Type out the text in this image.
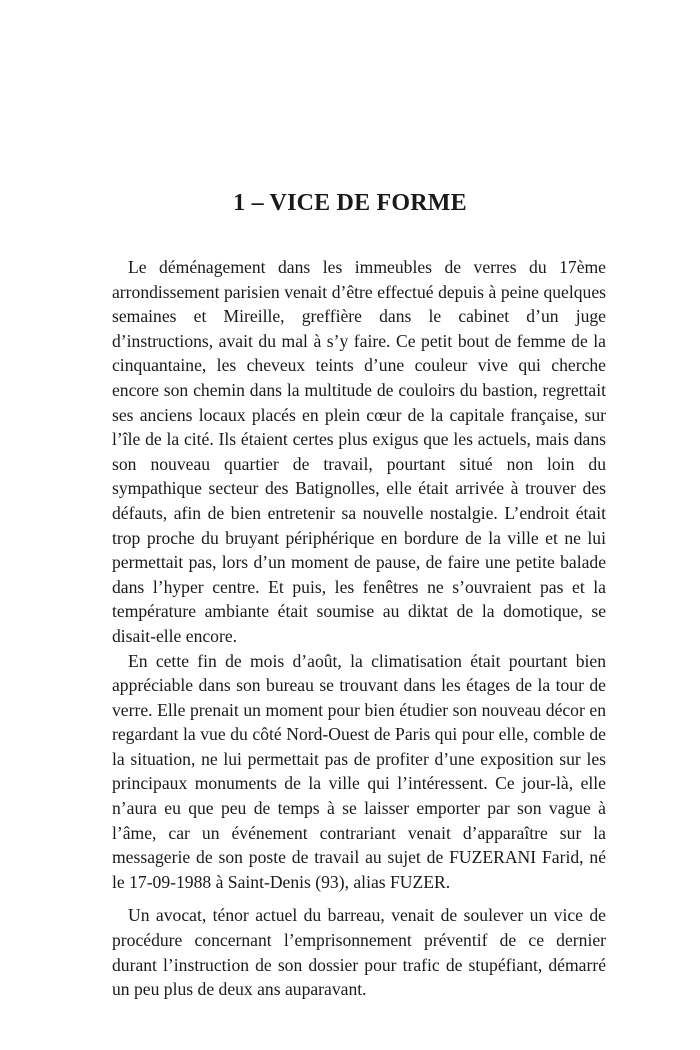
1 – VICE DE FORME

Le déménagement dans les immeubles de verres du 17ème arrondissement parisien venait d’être effectué depuis à peine quelques semaines et Mireille, greffière dans le cabinet d’un juge d’instructions, avait du mal à s’y faire. Ce petit bout de femme de la cinquantaine, les cheveux teints d’une couleur vive qui cherche encore son chemin dans la multitude de couloirs du bastion, regrettait ses anciens locaux placés en plein cœur de la capitale française, sur l’île de la cité. Ils étaient certes plus exigus que les actuels, mais dans son nouveau quartier de travail, pourtant situé non loin du sympathique secteur des Batignolles, elle était arrivée à trouver des défauts, afin de bien entretenir sa nouvelle nostalgie. L’endroit était trop proche du bruyant périphérique en bordure de la ville et ne lui permettait pas, lors d’un moment de pause, de faire une petite balade dans l’hyper centre. Et puis, les fenêtres ne s’ouvraient pas et la température ambiante était soumise au diktat de la domotique, se disait-elle encore.

En cette fin de mois d’août, la climatisation était pourtant bien appréciable dans son bureau se trouvant dans les étages de la tour de verre. Elle prenait un moment pour bien étudier son nouveau décor en regardant la vue du côté Nord-Ouest de Paris qui pour elle, comble de la situation, ne lui permettait pas de profiter d’une exposition sur les principaux monuments de la ville qui l’intéressent. Ce jour-là, elle n’aura eu que peu de temps à se laisser emporter par son vague à l’âme, car un événement contrariant venait d’apparaître sur la messagerie de son poste de travail au sujet de FUZERANI Farid, né le 17-09-1988 à Saint-Denis (93), alias FUZER.

Un avocat, ténor actuel du barreau, venait de soulever un vice de procédure concernant l’emprisonnement préventif de ce dernier durant l’instruction de son dossier pour trafic de stupéfiant, démarré un peu plus de deux ans auparavant.
